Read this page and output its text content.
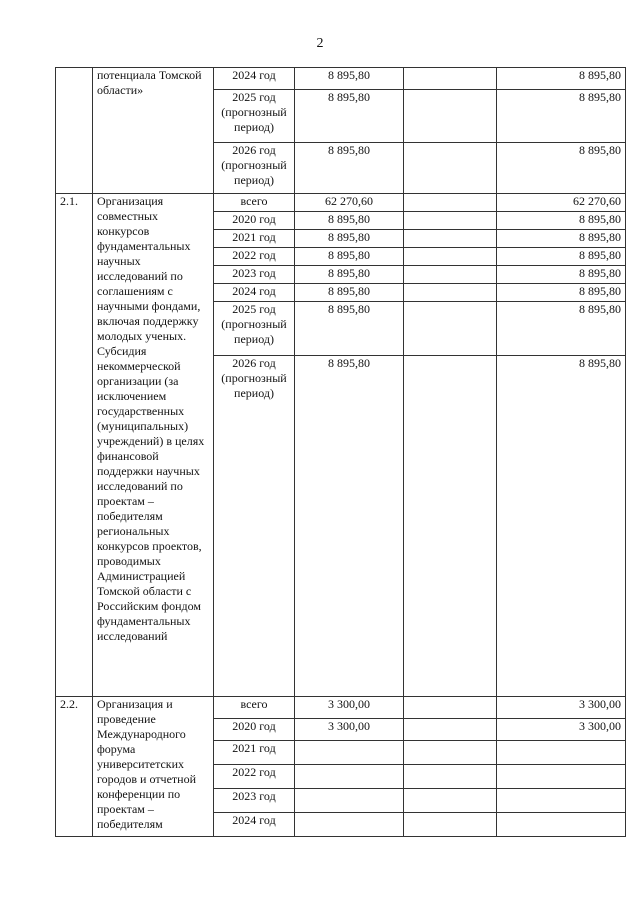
2
	потенциала Томской области»	2024 год	8 895,80		8 895,80
		2025 год (прогнозный период)	8 895,80		8 895,80
		2026 год (прогнозный период)	8 895,80		8 895,80
2.1.	Организация совместных конкурсов фундаментальных научных исследований по соглашениям с научными фондами, включая поддержку молодых ученых. Субсидия некоммерческой организации (за исключением государственных (муниципальных) учреждений) в целях финансовой поддержки научных исследований по проектам – победителям региональных конкурсов проектов, проводимых Администрацией Томской области с Российским фондом фундаментальных исследований	всего	62 270,60		62 270,60
		2020 год	8 895,80		8 895,80
		2021 год	8 895,80		8 895,80
		2022 год	8 895,80		8 895,80
		2023 год	8 895,80		8 895,80
		2024 год	8 895,80		8 895,80
		2025 год (прогнозный период)	8 895,80		8 895,80
		2026 год (прогнозный период)	8 895,80		8 895,80
2.2.	Организация и проведение Международного форума университетских городов и отчетной конференции по проектам – победителям	всего	3 300,00		3 300,00
		2020 год	3 300,00		3 300,00
		2021 год			
		2022 год			
		2023 год			
		2024 год			
